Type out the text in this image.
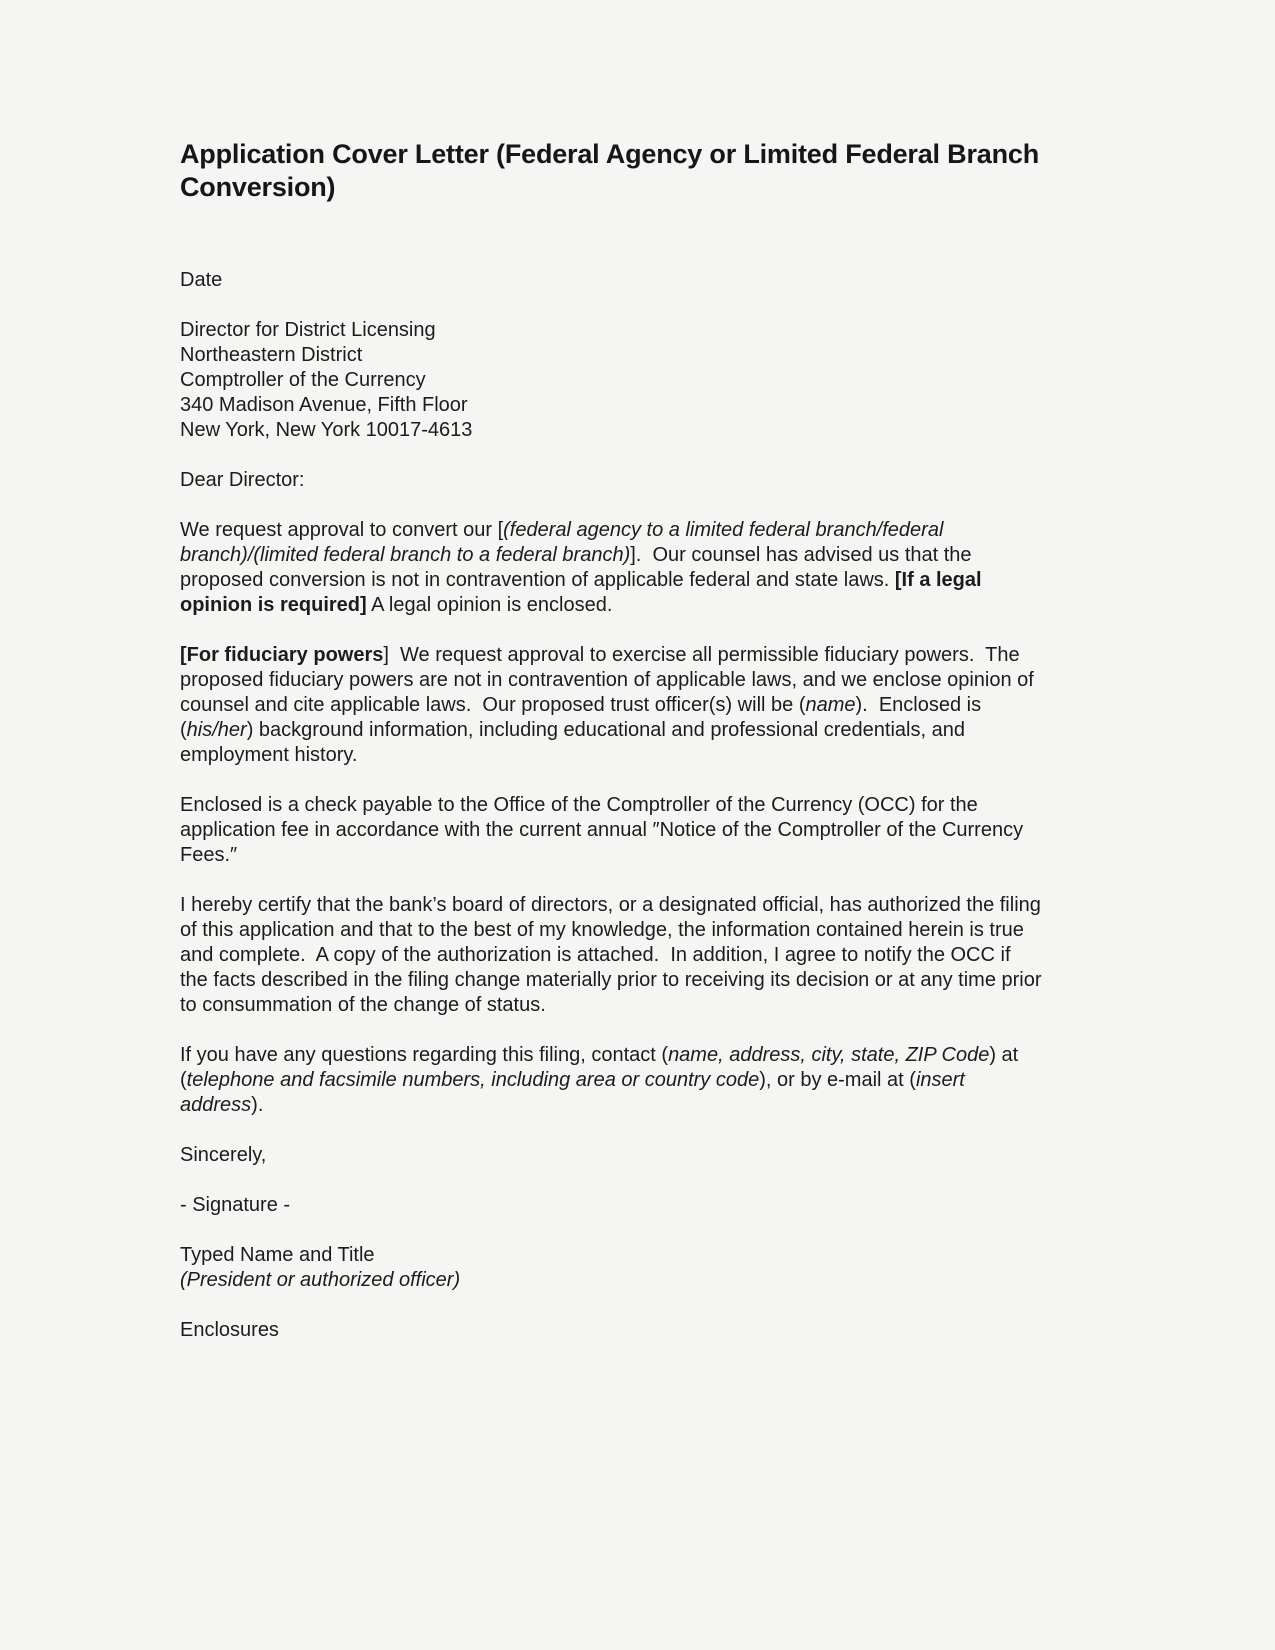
Application Cover Letter (Federal Agency or Limited Federal Branch Conversion)

Date

Director for District Licensing
Northeastern District
Comptroller of the Currency
340 Madison Avenue, Fifth Floor
New York, New York 10017-4613

Dear Director:

We request approval to convert our [(federal agency to a limited federal branch/federal branch)/(limited federal branch to a federal branch)].  Our counsel has advised us that the proposed conversion is not in contravention of applicable federal and state laws. [If a legal opinion is required] A legal opinion is enclosed.

[For fiduciary powers]  We request approval to exercise all permissible fiduciary powers.  The proposed fiduciary powers are not in contravention of applicable laws, and we enclose opinion of counsel and cite applicable laws.  Our proposed trust officer(s) will be (name).  Enclosed is (his/her) background information, including educational and professional credentials, and employment history.

Enclosed is a check payable to the Office of the Comptroller of the Currency (OCC) for the application fee in accordance with the current annual ″Notice of the Comptroller of the Currency Fees.″

I hereby certify that the bank’s board of directors, or a designated official, has authorized the filing of this application and that to the best of my knowledge, the information contained herein is true and complete.  A copy of the authorization is attached.  In addition, I agree to notify the OCC if the facts described in the filing change materially prior to receiving its decision or at any time prior to consummation of the change of status.

If you have any questions regarding this filing, contact (name, address, city, state, ZIP Code) at (telephone and facsimile numbers, including area or country code), or by e-mail at (insert address).

Sincerely,

- Signature -

Typed Name and Title
(President or authorized officer)

Enclosures
